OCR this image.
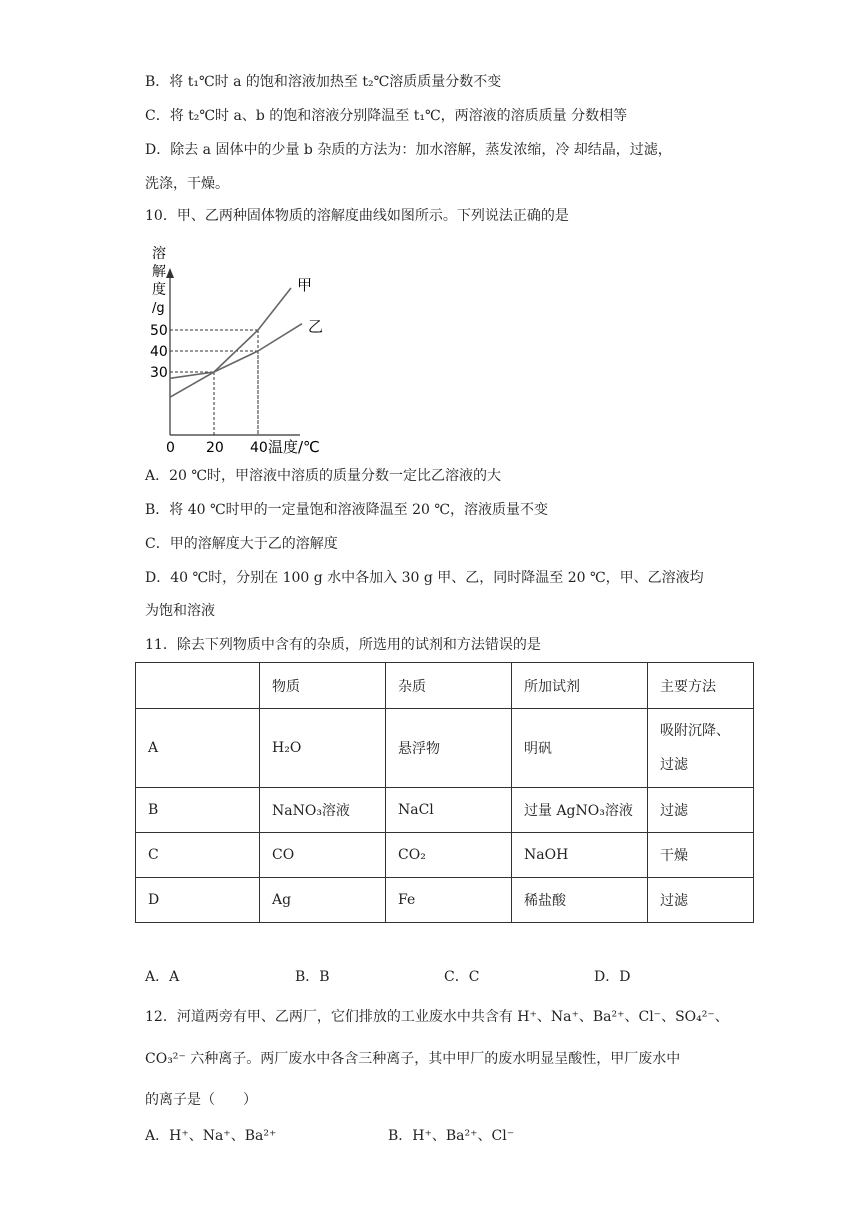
B．将 t₁℃时 a 的饱和溶液加热至 t₂℃溶质质量分数不变
C．将 t₂℃时 a、b 的饱和溶液分别降温至 t₁℃，两溶液的溶质质量 分数相等
D．除去 a 固体中的少量 b 杂质的方法为：加水溶解，蒸发浓缩，冷 却结晶，过滤，
洗涤，干燥。
10．甲、乙两种固体物质的溶解度曲线如图所示。下列说法正确的是
溶
解
度
/g
30
40
50
0 20 40
甲
乙
温度/℃
A．20 ℃时，甲溶液中溶质的质量分数一定比乙溶液的大
B．将 40 ℃时甲的一定量饱和溶液降温至 20 ℃，溶液质量不变
C．甲的溶解度大于乙的溶解度
D．40 ℃时，分别在 100 g 水中各加入 30 g 甲、乙，同时降温至 20 ℃，甲、乙溶液均
为饱和溶液
11．除去下列物质中含有的杂质，所选用的试剂和方法错误的是
	物质	杂质	所加试剂	主要方法
A	H₂O	悬浮物	明矾	吸附沉降、过滤
B	NaNO₃溶液	NaCl	过量 AgNO₃溶液	过滤
C	CO	CO₂	NaOH	干燥
D	Ag	Fe	稀盐酸	过滤
A．A	B．B	C．C	D．D
12．河道两旁有甲、乙两厂，它们排放的工业废水中共含有 H⁺、Na⁺、Ba²⁺、Cl⁻、SO₄²⁻、
CO₃²⁻ 六种离子。两厂废水中各含三种离子，其中甲厂的废水明显呈酸性，甲厂废水中
的离子是（　　）
A．H⁺、Na⁺、Ba²⁺	B．H⁺、Ba²⁺、Cl⁻
